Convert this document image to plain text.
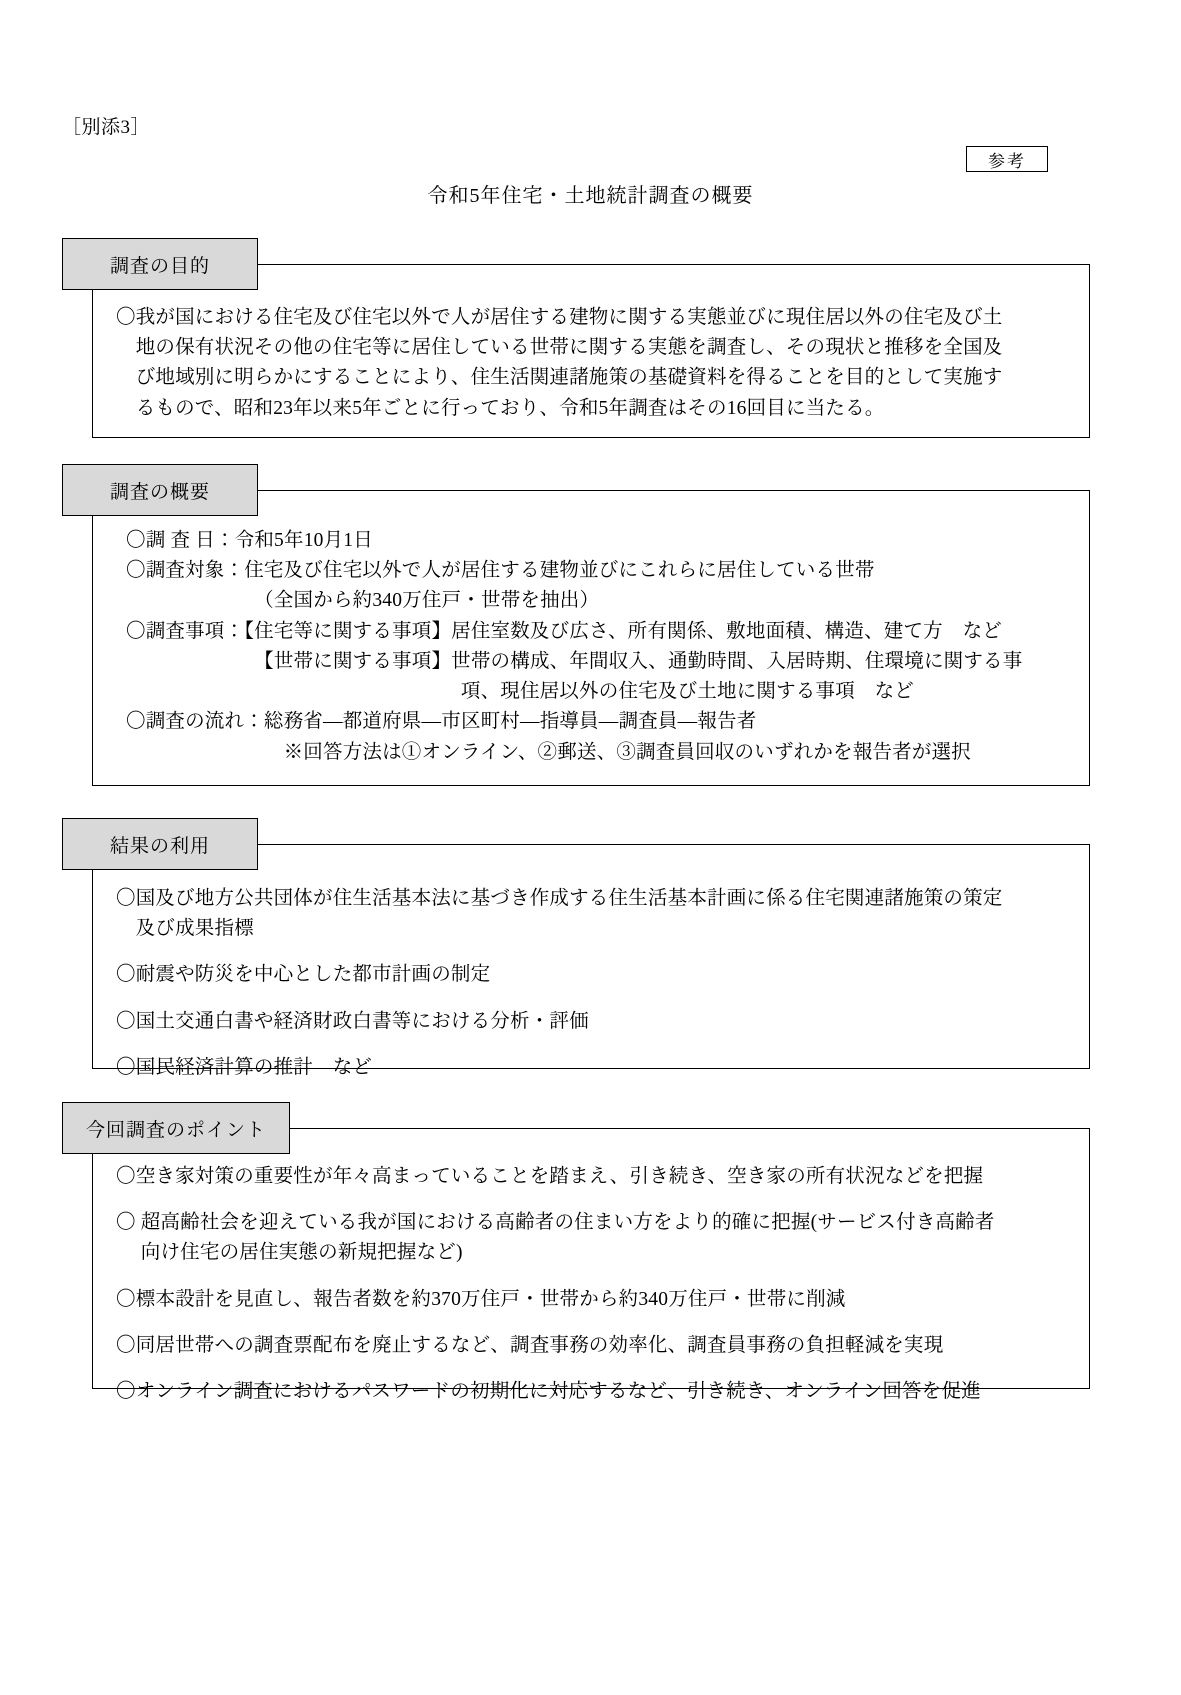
［別添3］
参考
令和5年住宅・土地統計調査の概要
調査の目的
〇我が国における住宅及び住宅以外で人が居住する建物に関する実態並びに現住居以外の住宅及び土
　地の保有状況その他の住宅等に居住している世帯に関する実態を調査し、その現状と推移を全国及
　び地域別に明らかにすることにより、住生活関連諸施策の基礎資料を得ることを目的として実施す
　るもので、昭和23年以来5年ごとに行っており、令和5年調査はその16回目に当たる。
調査の概要
〇調 査 日：令和5年10月1日
〇調査対象：住宅及び住宅以外で人が居住する建物並びにこれらに居住している世帯
　　　　　　　（全国から約340万住戸・世帯を抽出）
〇調査事項：【住宅等に関する事項】居住室数及び広さ、所有関係、敷地面積、構造、建て方　など
　　　　　　　【世帯に関する事項】世帯の構成、年間収入、通勤時間、入居時期、住環境に関する事
　　　　　　　　　　　　　　　　　項、現住居以外の住宅及び土地に関する事項　など
〇調査の流れ：総務省―都道府県―市区町村―指導員―調査員―報告者
　　　　　　　　※回答方法は①オンライン、②郵送、③調査員回収のいずれかを報告者が選択
結果の利用
〇国及び地方公共団体が住生活基本法に基づき作成する住生活基本計画に係る住宅関連諸施策の策定
　及び成果指標
〇耐震や防災を中心とした都市計画の制定
〇国土交通白書や経済財政白書等における分析・評価
〇国民経済計算の推計　など
今回調査のポイント
〇空き家対策の重要性が年々高まっていることを踏まえ、引き続き、空き家の所有状況などを把握
〇 超高齢社会を迎えている我が国における高齢者の住まい方をより的確に把握(サービス付き高齢者
　 向け住宅の居住実態の新規把握など)
〇標本設計を見直し、報告者数を約370万住戸・世帯から約340万住戸・世帯に削減
〇同居世帯への調査票配布を廃止するなど、調査事務の効率化、調査員事務の負担軽減を実現
〇オンライン調査におけるパスワードの初期化に対応するなど、引き続き、オンライン回答を促進
